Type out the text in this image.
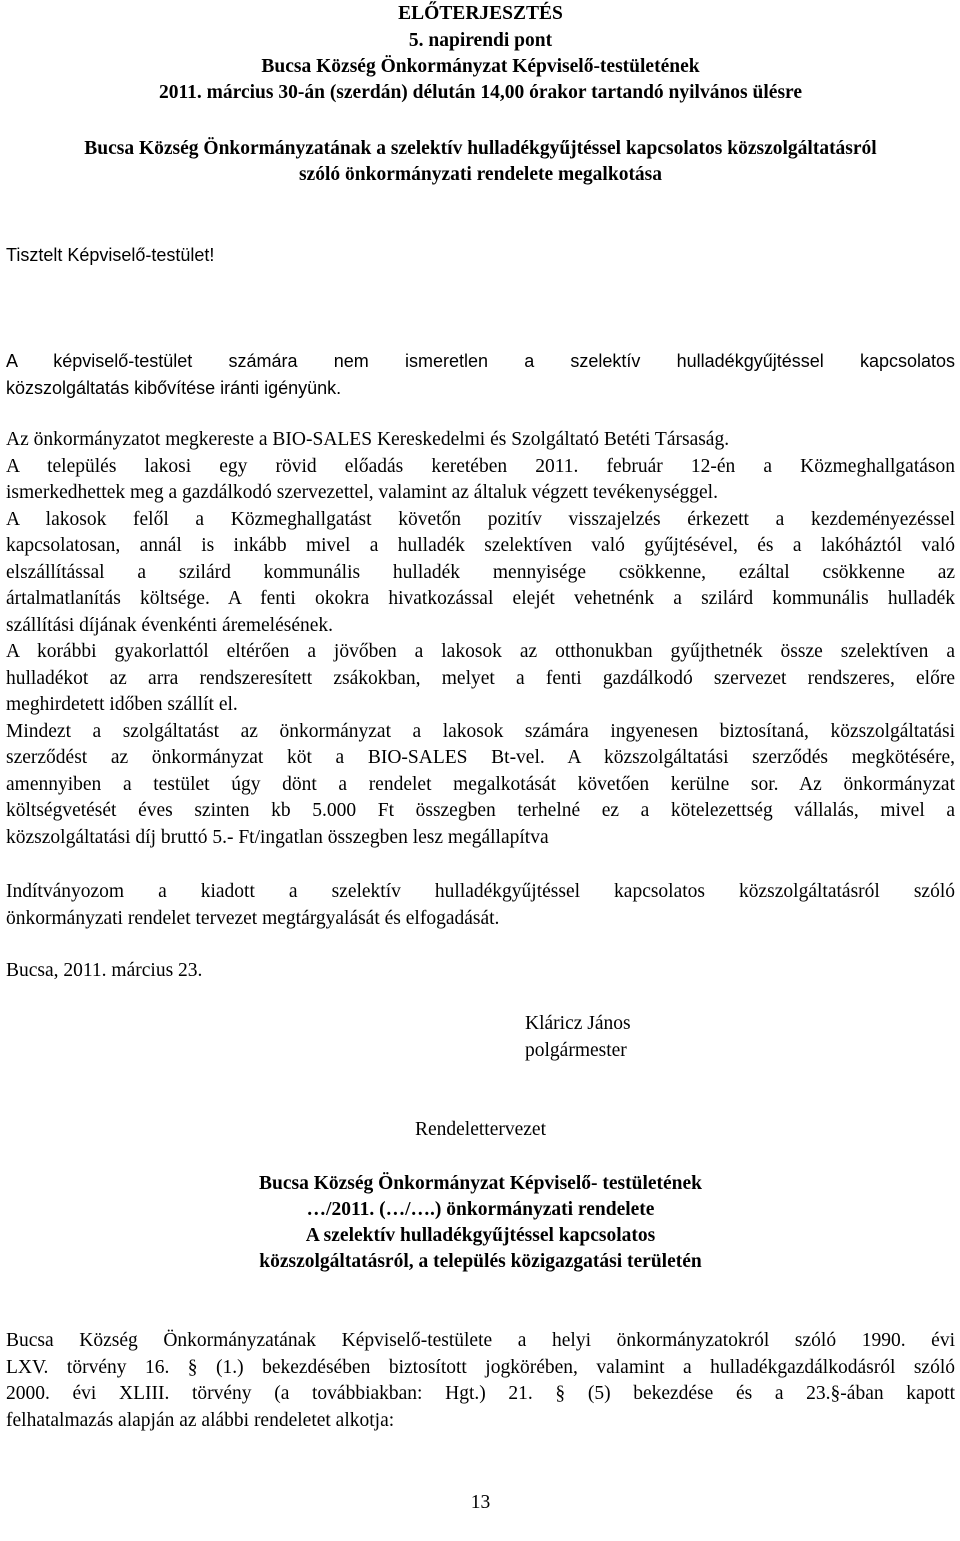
ELŐTERJESZTÉS
5. napirendi pont
Bucsa Község Önkormányzat Képviselő-testületének
2011. március 30-án (szerdán) délután 14,00 órakor tartandó nyilvános ülésre
Bucsa Község Önkormányzatának a szelektív hulladékgyűjtéssel kapcsolatos közszolgáltatásról
szóló önkormányzati rendelete megalkotása
Tisztelt Képviselő-testület!
A képviselő-testület számára nem ismeretlen a szelektív hulladékgyűjtéssel kapcsolatos
közszolgáltatás kibővítése iránti igényünk.
Az önkormányzatot megkereste a BIO-SALES Kereskedelmi és Szolgáltató Betéti Társaság.
A település lakosi egy rövid előadás keretében 2011. február 12-én a Közmeghallgatáson
ismerkedhettek meg a gazdálkodó szervezettel, valamint az általuk végzett tevékenységgel.
A lakosok felől a Közmeghallgatást követőn pozitív visszajelzés érkezett a kezdeményezéssel
kapcsolatosan, annál is inkább mivel a hulladék szelektíven való gyűjtésével, és a lakóháztól való
elszállítással a szilárd kommunális hulladék mennyisége csökkenne, ezáltal csökkenne az
ártalmatlanítás költsége. A fenti okokra hivatkozással elejét vehetnénk a szilárd kommunális hulladék
szállítási díjának évenkénti áremelésének.
A korábbi gyakorlattól eltérően a jövőben a lakosok az otthonukban gyűjthetnék össze szelektíven a
hulladékot az arra rendszeresített zsákokban, melyet a fenti gazdálkodó szervezet rendszeres, előre
meghirdetett időben szállít el.
Mindezt a szolgáltatást az önkormányzat a lakosok számára ingyenesen biztosítaná, közszolgáltatási
szerződést az önkormányzat köt a BIO-SALES Bt-vel. A közszolgáltatási szerződés megkötésére,
amennyiben a testület úgy dönt a rendelet megalkotását követően kerülne sor. Az önkormányzat
költségvetését éves szinten kb 5.000 Ft összegben terhelné ez a kötelezettség vállalás, mivel a
közszolgáltatási díj bruttó 5.- Ft/ingatlan összegben lesz megállapítva
Indítványozom a kiadott a szelektív hulladékgyűjtéssel kapcsolatos közszolgáltatásról szóló
önkormányzati rendelet tervezet megtárgyalását és elfogadását.
Bucsa, 2011. március 23.
Kláricz János
polgármester
Rendelettervezet
Bucsa Község Önkormányzat Képviselő- testületének
…/2011. (…/….) önkormányzati rendelete
A szelektív hulladékgyűjtéssel kapcsolatos
közszolgáltatásról, a település közigazgatási területén
Bucsa Község Önkormányzatának Képviselő-testülete a helyi önkormányzatokról szóló 1990. évi
LXV. törvény 16. § (1.) bekezdésében biztosított jogkörében, valamint a hulladékgazdálkodásról szóló
2000. évi XLIII. törvény (a továbbiakban: Hgt.) 21. § (5) bekezdése és a 23.§-ában kapott
felhatalmazás alapján az alábbi rendeletet alkotja:
13
